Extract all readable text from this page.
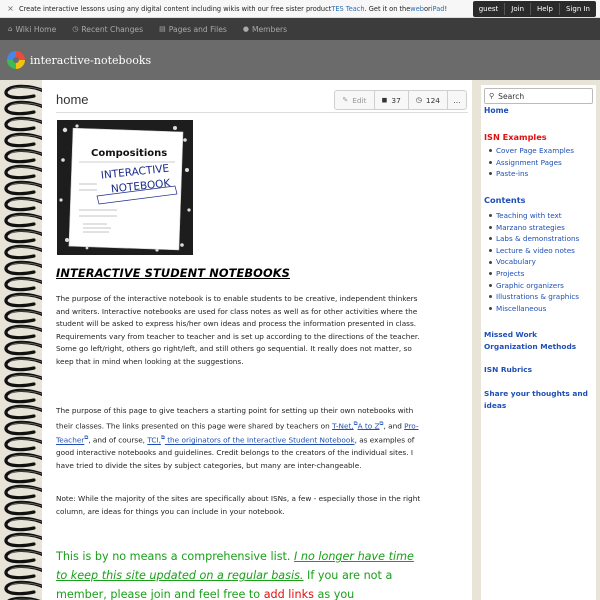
× Create interactive lessons using any digital content including wikis with our free sister product TES Teach . Get it on the web or iPad !	guest	Join	Help	Sign In
⌂ Wiki Home ◷ Recent Changes ▤ Pages and Files ● Members
interactive-notebooks
home	✎ Edit ◼ 37 ◷ 124 …
Compositions
INTERACTIVE
NOTEBOOK
INTERACTIVE STUDENT NOTEBOOKS
The purpose of the interactive notebook is to enable students to be creative, independent thinkers and writers. Interactive notebooks are used for class notes as well as for other activities where the student will be asked to express his/her own ideas and process the information presented in class. Requirements vary from teacher to teacher and is set up according to the directions of the teacher. Some go left/right, others go right/left, and still others go sequential. It really does not matter, so keep that in mind when looking at the suggestions.
The purpose of this page to give teachers a starting point for setting up their own notebooks with their classes. The links presented on this page were shared by teachers on T-Net,⧉A to Z⧉, and Pro-Teacher⧉, and of course, TCI,⧉ the originators of the Interactive Student Notebook, as examples of good interactive notebooks and guidelines. Credit belongs to the creators of the individual sites. I have tried to divide the sites by subject categories, but many are inter-changeable.
Note: While the majority of the sites are specifically about ISNs, a few - especially those in the right column, are ideas for things you can include in your notebook.
This is by no means a comprehensive list. I no longer have time to keep this site updated on a regular basis. If you are not a member, please join and feel free to add links as you
⚲ Search
Home
ISN Examples
Cover Page Examples
Assignment Pages
Paste-ins
Contents
Teaching with text
Marzano strategies
Labs & demonstrations
Lecture & video notes
Vocabulary
Projects
Graphic organizers
Illustrations & graphics
Miscellaneous
Missed Work Organization Methods
ISN Rubrics
Share your thoughts and ideas
